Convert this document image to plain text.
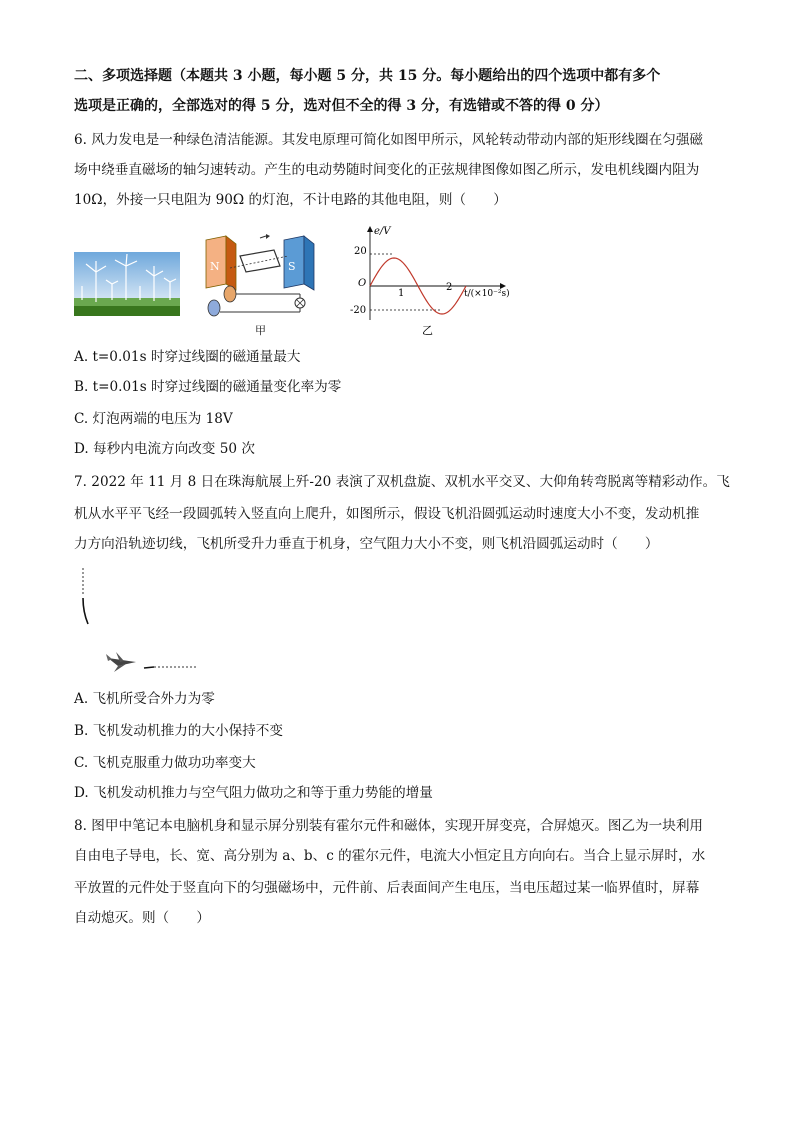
二、多项选择题（本题共 3 小题，每小题 5 分，共 15 分。每小题给出的四个选项中都有多个
选项是正确的，全部选对的得 5 分，选对但不全的得 3 分，有选错或不答的得 0 分）
6. 风力发电是一种绿色清洁能源。其发电原理可简化如图甲所示，风轮转动带动内部的矩形线圈在匀强磁
场中绕垂直磁场的轴匀速转动。产生的电动势随时间变化的正弦规律图像如图乙所示，发电机线圈内阻为
10Ω，外接一只电阻为 90Ω 的灯泡，不计电路的其他电阻，则（　　）
N	S
甲
e/V
t/(×10⁻²s)
O
20
-20
1
2
乙
A. t=0.01s 时穿过线圈的磁通量最大
B. t=0.01s 时穿过线圈的磁通量变化率为零
C. 灯泡两端的电压为 18V
D. 每秒内电流方向改变 50 次
7. 2022 年 11 月 8 日在珠海航展上歼-20 表演了双机盘旋、双机水平交叉、大仰角转弯脱离等精彩动作。飞
机从水平平飞经一段圆弧转入竖直向上爬升，如图所示，假设飞机沿圆弧运动时速度大小不变，发动机推
力方向沿轨迹切线，飞机所受升力垂直于机身，空气阻力大小不变，则飞机沿圆弧运动时（　　）
A. 飞机所受合外力为零
B. 飞机发动机推力的大小保持不变
C. 飞机克服重力做功功率变大
D. 飞机发动机推力与空气阻力做功之和等于重力势能的增量
8. 图甲中笔记本电脑机身和显示屏分别装有霍尔元件和磁体，实现开屏变亮，合屏熄灭。图乙为一块利用
自由电子导电，长、宽、高分别为 a、b、c 的霍尔元件，电流大小恒定且方向向右。当合上显示屏时，水
平放置的元件处于竖直向下的匀强磁场中，元件前、后表面间产生电压，当电压超过某一临界值时，屏幕
自动熄灭。则（　　）
